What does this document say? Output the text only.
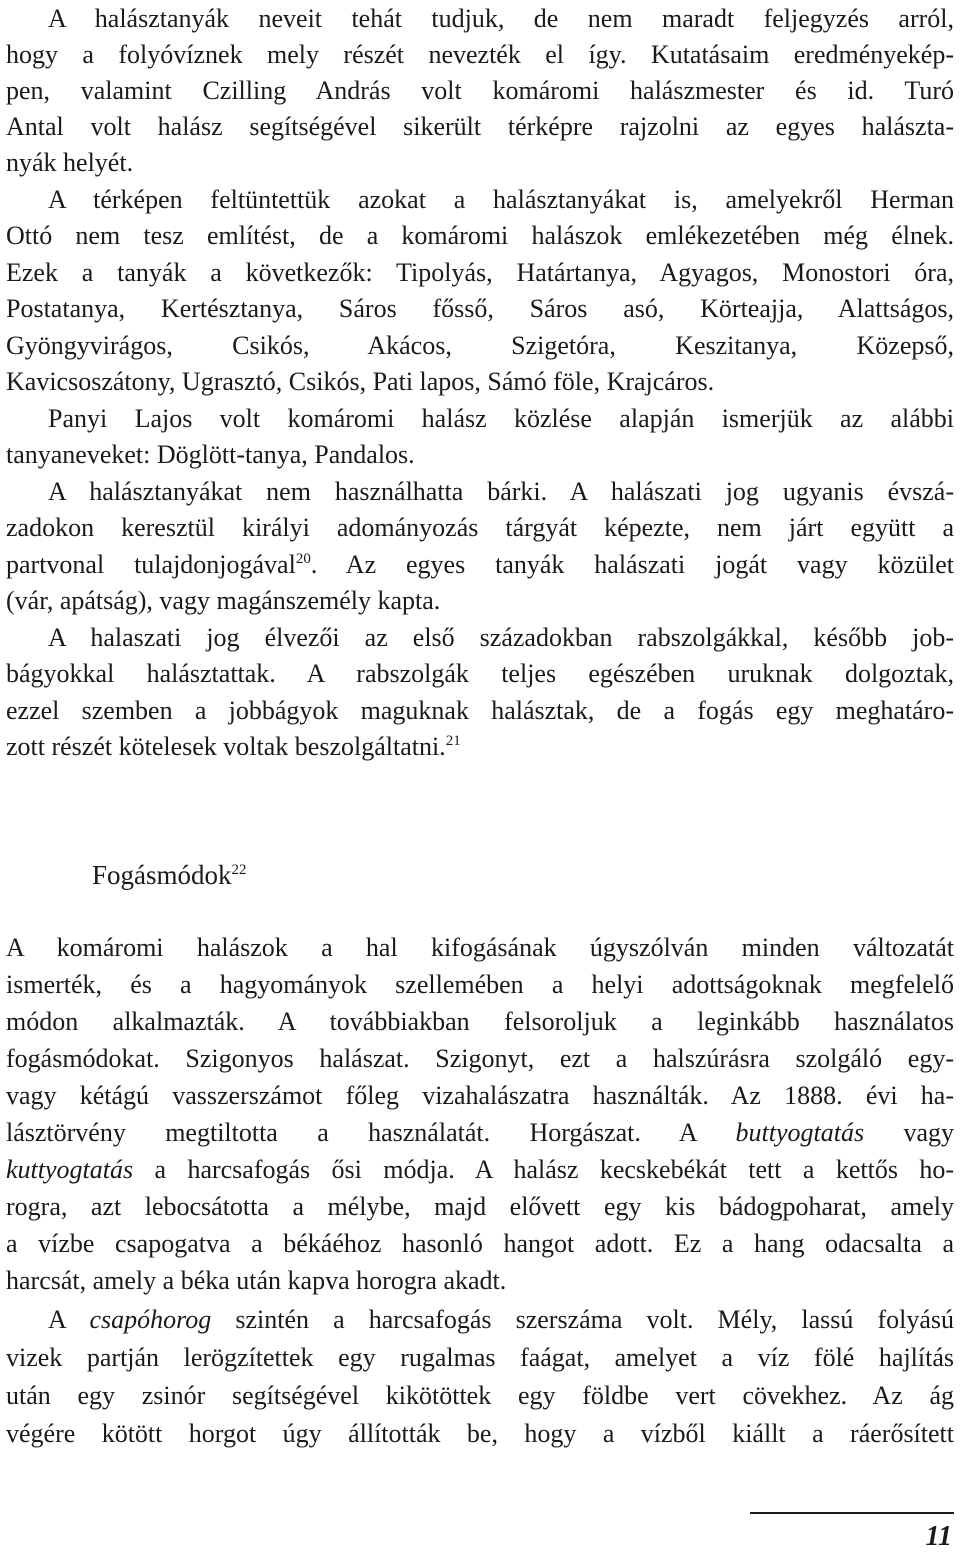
A halásztanyák neveit tehát tudjuk, de nem maradt feljegyzés arról,
hogy a folyóvíznek mely részét nevezték el így. Kutatásaim eredményekép-
pen, valamint Czilling András volt komáromi halászmester és id. Turó
Antal volt halász segítségével sikerült térképre rajzolni az egyes halászta-
nyák helyét.
A térképen feltüntettük azokat a halásztanyákat is, amelyekről Herman
Ottó nem tesz említést, de a komáromi halászok emlékezetében még élnek.
Ezek a tanyák a következők: Tipolyás, Határtanya, Agyagos, Monostori óra,
Postatanya, Kertésztanya, Sáros fősső, Sáros asó, Körteajja, Alattságos,
Gyöngyvirágos, Csikós, Akácos, Szigetóra, Keszitanya, Közepső,
Kavicsoszátony, Ugrasztó, Csikós, Pati lapos, Sámó föle, Krajcáros.
Panyi Lajos volt komáromi halász közlése alapján ismerjük az alábbi
tanyaneveket: Döglött-tanya, Pandalos.
A halásztanyákat nem használhatta bárki. A halászati jog ugyanis évszá-
zadokon keresztül királyi adományozás tárgyát képezte, nem járt együtt a
partvonal tulajdonjogával$^{20}$. Az egyes tanyák halászati jogát vagy közület
(vár, apátság), vagy magánszemély kapta.
A halaszati jog élvezői az első századokban rabszolgákkal, később job-
bágyokkal halásztattak. A rabszolgák teljes egészében uruknak dolgoztak,
ezzel szemben a jobbágyok maguknak halásztak, de a fogás egy meghatáro-
zott részét kötelesek voltak beszolgáltatni.$^{21}$
Fogásmódok$^{22}$
A komáromi halászok a hal kifogásának úgyszólván minden változatát
ismerték, és a hagyományok szellemében a helyi adottságoknak megfelelő
módon alkalmazták. A továbbiakban felsoroljuk a leginkább használatos
fogásmódokat. Szigonyos halászat. Szigonyt, ezt a halszúrásra szolgáló egy-
vagy kétágú vasszerszámot főleg vizahalászatra használták. Az 1888. évi ha-
lásztörvény megtiltotta a használatát. Horgászat. A buttyogtatás vagy
kuttyogtatás a harcsafogás ősi módja. A halász kecskebékát tett a kettős ho-
rogra, azt lebocsátotta a mélybe, majd elővett egy kis bádogpoharat, amely
a vízbe csapogatva a békáéhoz hasonló hangot adott. Ez a hang odacsalta a
harcsát, amely a béka után kapva horogra akadt.
A csapóhorog szintén a harcsafogás szerszáma volt. Mély, lassú folyású
vizek partján lerögzítettek egy rugalmas faágat, amelyet a víz fölé hajlítás
után egy zsinór segítségével kikötöttek egy földbe vert cövekhez. Az ág
végére kötött horgot úgy állították be, hogy a vízből kiállt a ráerősített
11
